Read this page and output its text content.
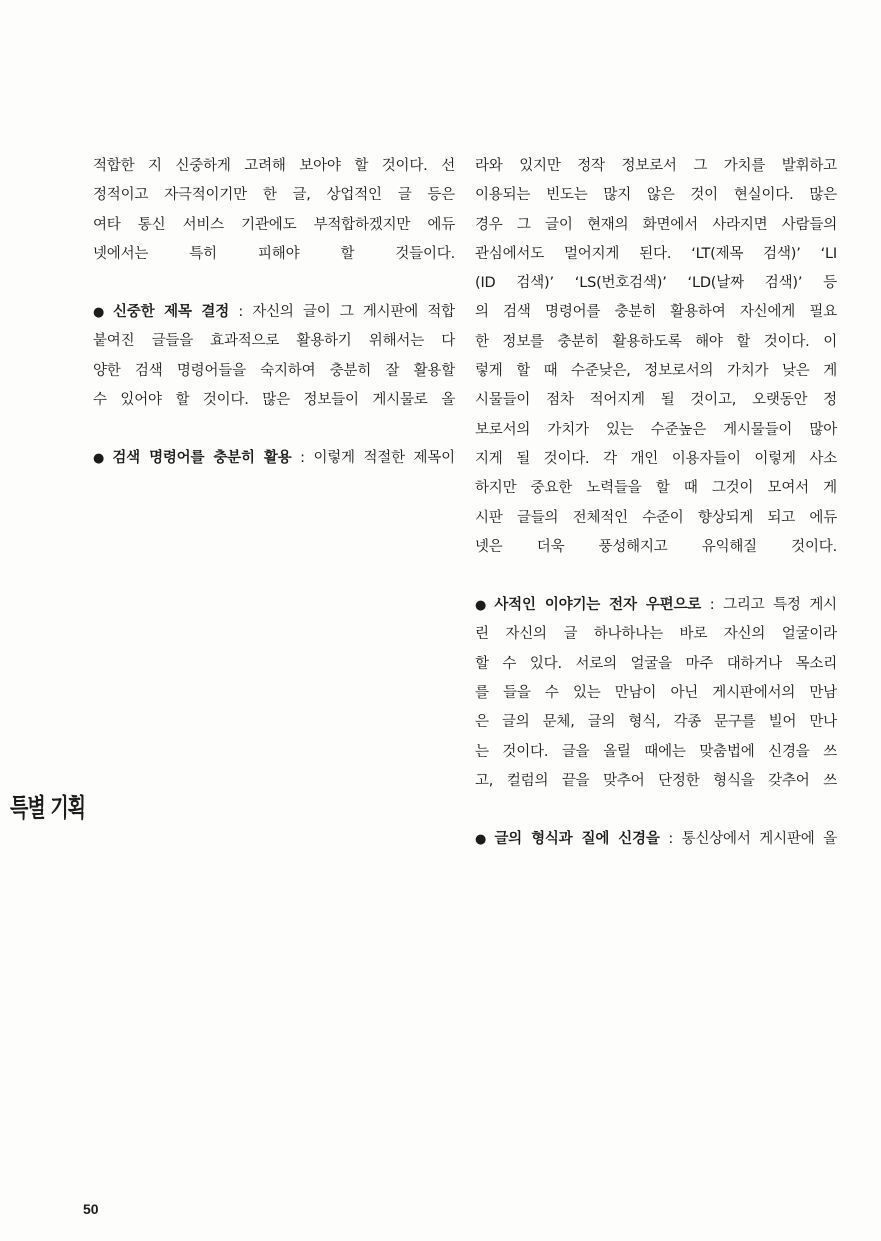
적합한 지 신중하게 고려해 보아야 할 것이다. 선
정적이고 자극적이기만 한 글, 상업적인 글 등은
여타 통신 서비스 기관에도 부적합하겠지만 에듀
넷에서는 특히 피해야 할 것들이다.
● 신중한 제목 결정 : 자신의 글이 그 게시판에 적합
붙여진 글들을 효과적으로 활용하기 위해서는 다
양한 검색 명령어들을 숙지하여 충분히 잘 활용할
수 있어야 할 것이다. 많은 정보들이 게시물로 올
● 검색 명령어를 충분히 활용 : 이렇게 적절한 제목이
라와 있지만 정작 정보로서 그 가치를 발휘하고
이용되는 빈도는 많지 않은 것이 현실이다. 많은
경우 그 글이 현재의 화면에서 사라지면 사람들의
관심에서도 멀어지게 된다. ‘LT(제목 검색)’ ‘LI
(ID 검색)’ ‘LS(번호검색)’ ‘LD(날짜 검색)’ 등
의 검색 명령어를 충분히 활용하여 자신에게 필요
한 정보를 충분히 활용하도록 해야 할 것이다. 이
렇게 할 때 수준낮은, 정보로서의 가치가 낮은 게
시물들이 점차 적어지게 될 것이고, 오랫동안 정
보로서의 가치가 있는 수준높은 게시물들이 많아
지게 될 것이다. 각 개인 이용자들이 이렇게 사소
하지만 중요한 노력들을 할 때 그것이 모여서 게
시판 글들의 전체적인 수준이 향상되게 되고 에듀
넷은 더욱 풍성해지고 유익해질 것이다.
● 사적인 이야기는 전자 우편으로 : 그리고 특정 게시
린 자신의 글 하나하나는 바로 자신의 얼굴이라
할 수 있다. 서로의 얼굴을 마주 대하거나 목소리
를 들을 수 있는 만남이 아닌 게시판에서의 만남
은 글의 문체, 글의 형식, 각종 문구를 빌어 만나
는 것이다. 글을 올릴 때에는 맞춤법에 신경을 쓰
고, 컬럼의 끝을 맞추어 단정한 형식을 갖추어 쓰
● 글의 형식과 질에 신경을 : 통신상에서 게시판에 올
특별 기획
50
